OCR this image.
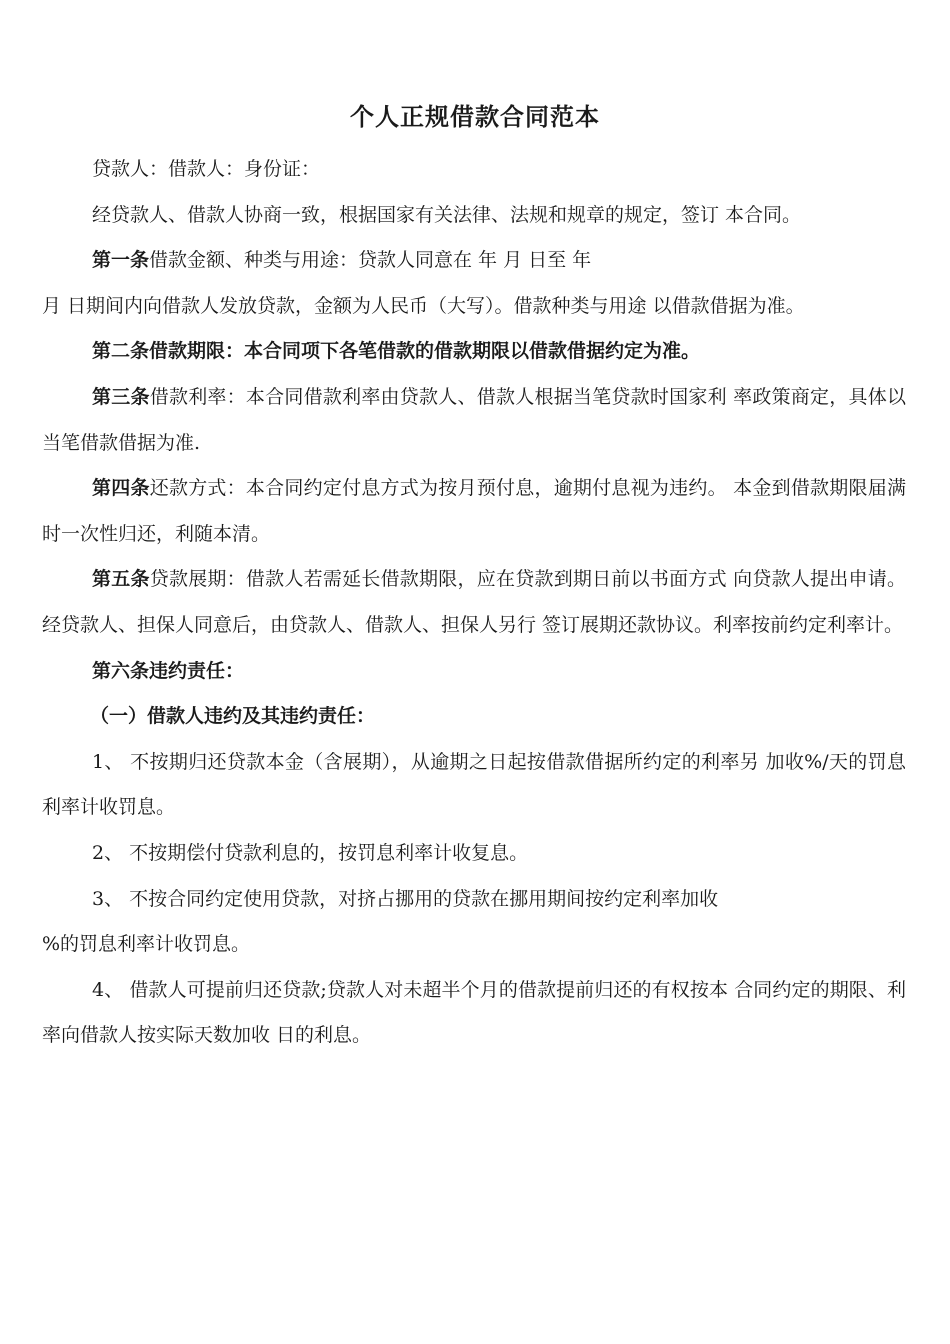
个人正规借款合同范本

贷款人：借款人：身份证：

经贷款人、借款人协商一致，根据国家有关法律、法规和规章的规定，签订 本合同。

第一条借款金额、种类与用途：贷款人同意在 年 月 日至 年

月 日期间内向借款人发放贷款，金额为人民币（大写）。借款种类与用途 以借款借据为准。

第二条借款期限：本合同项下各笔借款的借款期限以借款借据约定为准。

第三条借款利率：本合同借款利率由贷款人、借款人根据当笔贷款时国家利 率政策商定，具体以当笔借款借据为准.

第四条还款方式：本合同约定付息方式为按月预付息，逾期付息视为违约。 本金到借款期限届满时一次性归还，利随本清。

第五条贷款展期：借款人若需延长借款期限，应在贷款到期日前以书面方式 向贷款人提出申请。经贷款人、担保人同意后，由贷款人、借款人、担保人另行 签订展期还款协议。利率按前约定利率计。

第六条违约责任：

（一）借款人违约及其违约责任：

1、 不按期归还贷款本金（含展期），从逾期之日起按借款借据所约定的利率另 加收%/天的罚息利率计收罚息。

2、 不按期偿付贷款利息的，按罚息利率计收复息。

3、 不按合同约定使用贷款，对挤占挪用的贷款在挪用期间按约定利率加收

%的罚息利率计收罚息。

4、 借款人可提前归还贷款;贷款人对未超半个月的借款提前归还的有权按本 合同约定的期限、利率向借款人按实际天数加收 日的利息。
